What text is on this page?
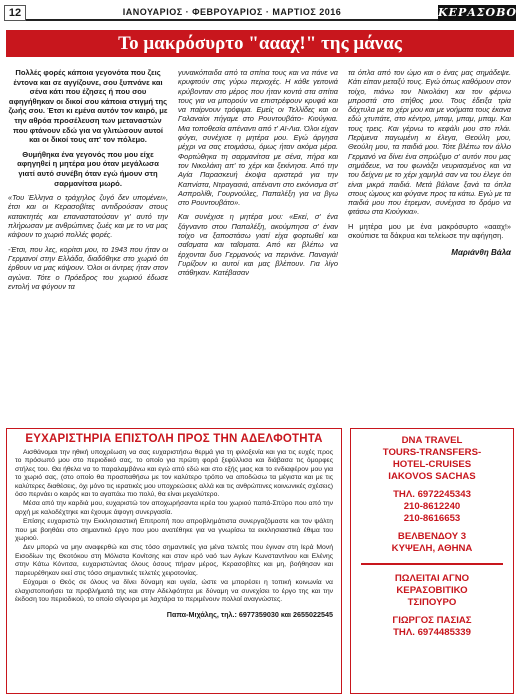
12	ΙΑΝΟΥΑΡΙΟΣ · ΦΕΒΡΟΥΑΡΙΟΣ · ΜΑΡΤΙΟΣ 2016	ΚΕΡΑΣΟΒΟ
Το μακρόσυρτο "αααχ!" της μάνας

Πολλές φορές κάποια γεγονότα που ζεις έντονα και σε αγγίζουνε, σου ξυπνάνε και σένα κάτι που έζησες ή που σου αφηγήθηκαν οι δικοί σου κάποια στιγμή της ζωής σου. Έτσι κι εμένα αυτόν τον καιρό, με την αθρόα προσέλευση των μεταναστών που φτάνουν εδώ για να γλιτώσουν αυτοί και οι δικοί τους απ' τον πόλεμο.

Θυμήθηκα ένα γεγονός που μου είχε αφηγηθεί η μητέρα μου όταν μεγάλωσα γιατί αυτό συνέβη όταν εγώ ήμουν στη σαρμανίτσα μωρό.

«Του Έλληνα ο τράχηλος ζυγό δεν υπομένει», έτσι και οι Κερασοβίτες αντιδρούσαν στους κατακτητές και επαναστατούσαν γι' αυτό την πλήρωσαν με ανθρώπινες ζωές και με το να μας κάψουν το χωριό πολλές φορές.

-Έτσι, που λες, κορίτσι μου, το 1943 που ήταν οι Γερμανοί στην Ελλάδα, διαδόθηκε στο χωριό ότι έρθουν να μας κάψουν. Όλοι οι άντρες ήταν στον αγώνα. Τότε ο Πρόεδρος του χωριού έδωσε εντολή να φύγουν τα

γυναικόπαιδα από τα σπίτια τους και να πάνε να κρυφτούν στις γύρω περιοχές. Η κάθε γειτονιά κρύβονταν στο μέρος που ήταν κοντά στα σπίτια τους για να μπορούν να επιστρέφουν κρυφά και να παίρνουν τρόφιμα. Εμείς οι Τελλίδες και οι Γαλαναίοι πήγαμε στο Ρουντουβάτο- Κιούγκια. Μια τοποθεσία απέναντι από τ' Αϊ-Λια. Όλοι είχαν φύγει, συνέχισε η μητέρα μου. Εγώ άργησα μέχρι να σας ετοιμάσω, όμως ήταν ακόμα μέρα. Φορτώθηκα τη σαρμανίτσα με σένα, πήρα και τον Νικολάκη απ' το χέρι και ξεκίνησα. Από την Αγία Παρασκευή έκοψα αριστερά για την Καπνίστα, Ντραγασιά, απέναντι στο εικόνισμα στ' Ασπρολίθι, Γουρνούλες, Παπαλέξη για να βγω στο Ρουντουβάτο».

Και συνέχισε η μητέρα μου: «Εκεί, σ' ένα ξάγναντο στου Παπαλέξη, ακούμπησα σ' έναν τοίχο να ξαποστάσω γιατί είχα φορτωθεί και σαΐσματα και ταΐσματα. Από κει βλέπω να έρχονται δυο Γερμανούς να περνάνε. Παναγιά! Γυρίζουν κι αυτοί και μας βλέπουν. Για λίγο στάθηκαν. Κατέβασαν

τα όπλα από τον ώμο και ο ένας μας σημάδεψε. Κάτι είπαν μεταξύ τους. Εγώ όπως καθόμουν στον τοίχο, πιάνω τον Νικολάκη και τον φέρνω μπροστά στο στήθος μου. Τους έδειξα τρία δάχτυλα με το χέρι μου και με νοήματα τους έκανα εδώ χτυπάτε, στο κέντρο, μπαμ, μπαμ, μπαμ. Και τους τρεις. Και γέρνω το κεφάλι μου στο πλάι. Περίμενα παγωμένη κι έλεγα, Θεούλη μου, Θεούλη μου, τα παιδιά μου. Τότε βλέπω τον άλλο Γερμανό να δίνει ένα σπρώξιμο σ' αυτόν που μας σημάδευε, να του φωνάζει νευριασμένος και να του δείχνει με το χέρι χαμηλά σαν να του έλεγε ότι είναι μικρά παιδιά. Μετά βάλανε ξανά τα όπλα στους ώμους και φύγανε προς τα κάτω. Εγώ με τα παιδιά μου που έτρεμαν, συνέχισα το δρόμο να φτάσω στα Κιούγκια».

Η μητέρα μου με ένα μακρόσυρτο «αααχ!» σκούπισε τα δάκρυα και τελείωσε την αφήγηση.

Μαριάνθη Βάλα
ΕΥΧΑΡΙΣΤΗΡΙΑ ΕΠΙΣΤΟΛΗ ΠΡΟΣ ΤΗΝ ΑΔΕΛΦΟΤΗΤΑ

Αισθάνομαι την ηθική υποχρέωση να σας ευχαριστήσω θερμά για τη φιλοξενία και για τις ευχές προς το πρόσωπό μου στο περιοδικό σας, το οποίο για πρώτη φορά ξεφύλλισα και διάβασα τις όμορφες στήλες του. Θα ήθελα να το παραλαμβάνω και εγώ από εδώ και στο εξής μιας και το ενδιαφέρον μου για το χωριό σας, (στο οποίο θα προσπαθήσω με τον καλύτερο τρόπο να αποδώσω τα μέγιστα και με τις καλύτερες διαθέσεις, όχι μόνο τις ιερατικές μου υποχρεώσεις αλλά και τις ανθρώπινες κοινωνικές σχέσεις) όσο περνάει ο καιρός και το αγαπάω πιο πολύ, θα είναι μεγαλύτερο.

Μέσα από την καρδιά μου, ευχαριστώ τον αποχωρήσαντα ιερέα του χωριού παπά-Σπύρο που από την αρχή με καλοδέχτηκε και έχουμε άψογη συνεργασία.

Επίσης ευχαριστώ την Εκκλησιαστική Επιτροπή που απροβλημάτιστα συνεργαζόμαστε και τον ψάλτη που με βοηθάει στο σημαντικό έργο που μου ανατέθηκε για να γνωρίσω τα εκκλησιαστικά έθιμα του χωριού.

Δεν μπορώ να μην αναφερθώ και στις τόσο σημαντικές για μένα τελετές που έγιναν στη Ιερά Μονή Εισοδίων της Θεοτόκου στη Μόλιστα Κονίτσης και στον ιερό ναό των Αγίων Κωνσταντίνου και Ελένης στην Κάτω Κόνιτσα, ευχαριστώντας όλους όσους πήραν μέρος, Κερασοβίτες και μη, βοήθησαν και παρευρέθηκαν εκεί στις τόσο σημαντικές τελετές χειροτονίας.

Εύχομαι ο Θεός σε όλους να δίνει δύναμη και υγεία, ώστε να μπορέσει η τοπική κοινωνία να ελαχιστοποιήσει τα προβλήματά της και στην Αδελφότητα με δύναμη να συνεχίσει το έργο της και την έκδοση του περιοδικού, το οποίο σίγουρα με λαχτάρα το περιμένουν πολλοί αναγνώστες.

Παπα-Μιχάλης, τηλ.: 6977359030 και 2655022545
DNA TRAVEL
TOURS-TRANSFERS-
HOTEL-CRUISES
IAKOVOS SACHAS
ΤΗΛ. 6972245343
210-8612240
210-8616653
ΒΕΛΒΕΝΔΟΥ 3
ΚΥΨΕΛΗ, ΑΘΗΝΑ
ΠΩΛΕΙΤΑΙ ΑΓΝΟ
ΚΕΡΑΣΟΒΙΤΙΚΟ
ΤΣΙΠΟΥΡΟ
ΓΙΩΡΓΟΣ ΠΑΣΙΑΣ
ΤΗΛ. 6974485339
